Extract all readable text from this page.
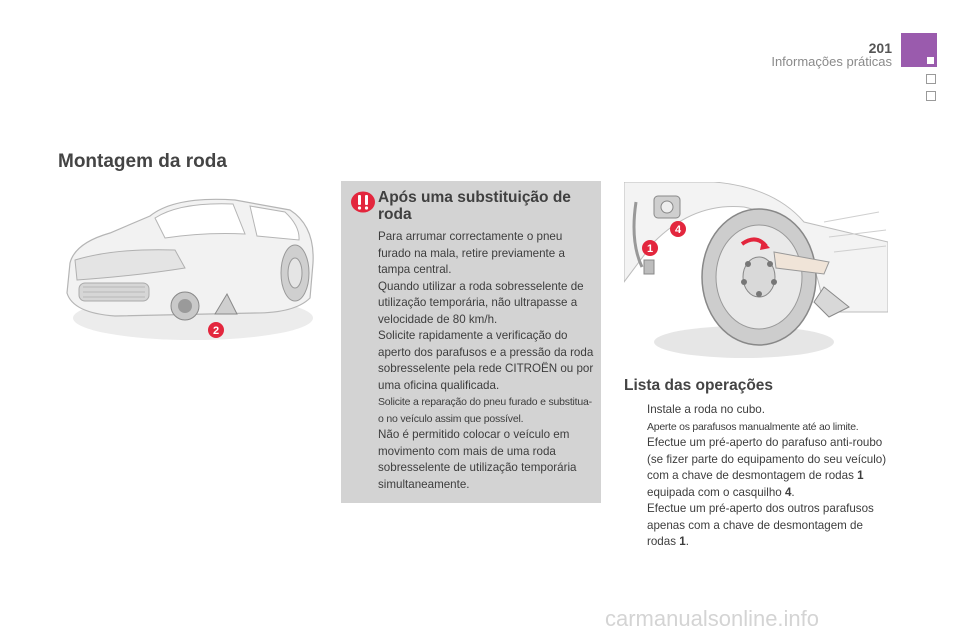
201
Informações práticas
Montagem da roda
2
Após uma substituição de roda
Para arrumar correctamente o pneu furado na mala, retire previamente a tampa central.
Quando utilizar a roda sobresselente de utilização temporária, não ultrapasse a velocidade de 80 km/h.
Solicite rapidamente a verificação do aperto dos parafusos e a pressão da roda sobresselente pela rede CITROËN ou por uma oficina qualificada.
Solicite a reparação do pneu furado e substitua-o no veículo assim que possível.
Não é permitido colocar o veículo em movimento com mais de uma roda sobresselente de utilização temporária simultaneamente.
1
4
Lista das operações
Instale a roda no cubo.
Aperte os parafusos manualmente até ao limite.
Efectue um pré-aperto do parafuso anti-roubo (se fizer parte do equipamento do seu veículo) com a chave de desmontagem de rodas 1 equipada com o casquilho 4.
Efectue um pré-aperto dos outros parafusos apenas com a chave de desmontagem de rodas 1.
carmanualsonline.info
